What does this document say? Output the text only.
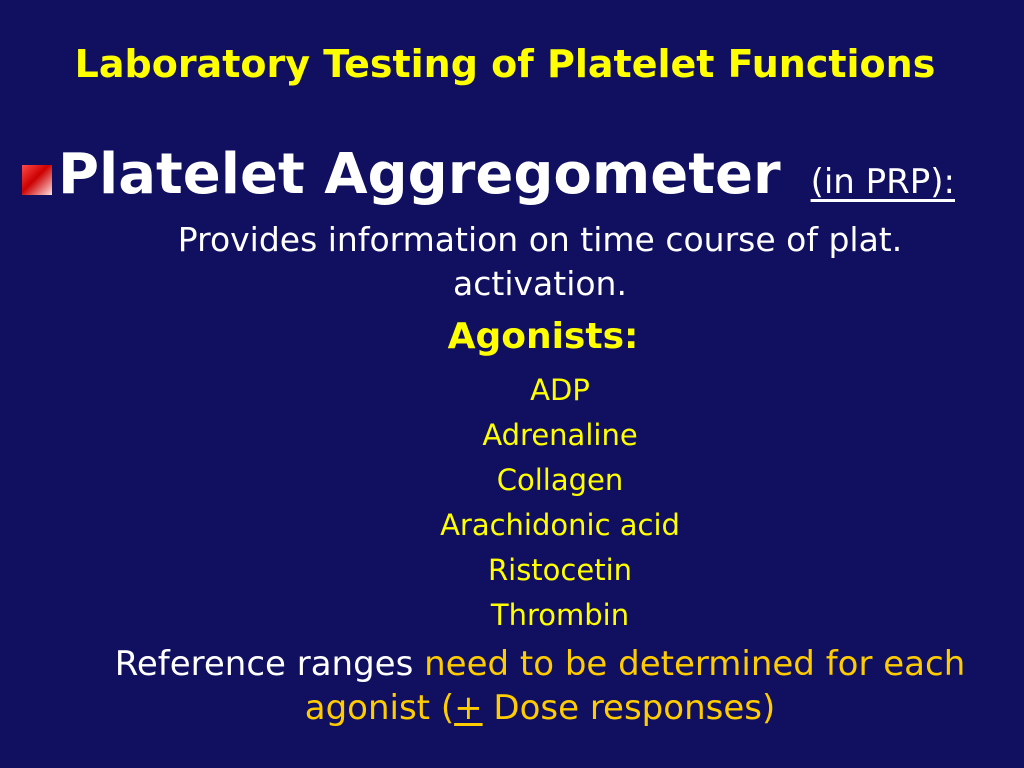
Laboratory Testing of Platelet Functions
Platelet Aggregometer (in PRP):
Provides information on time course of plat. activation.
Agonists:
ADP
Adrenaline
Collagen
Arachidonic acid
Ristocetin
Thrombin
Reference ranges need to be determined for each agonist (+ Dose responses)
